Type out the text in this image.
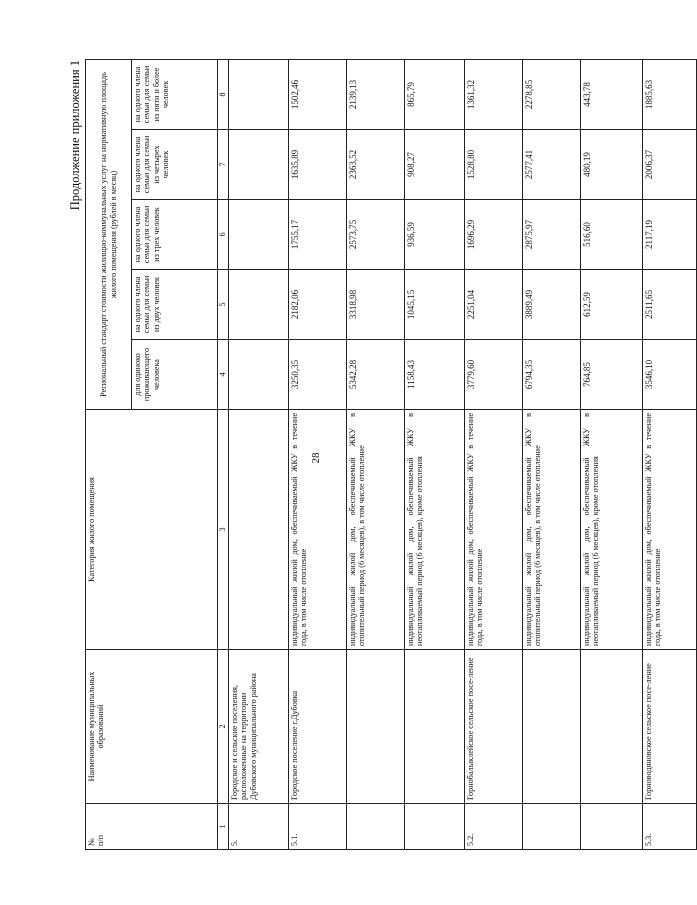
28
Продолжение приложения 1
№
п/п	Наименование муниципальных образований	Категория жилого помещения	Региональный стандарт стоимости жилищно-коммунальных услуг на нормативную площадь жилого помещения (рублей в месяц)				
			для одиноко проживающего человека	на одного члена семьи для семьи из двух человек	на одного члена семьи для семьи из трех человек	на одного члена семьи для семьи из четырех человек	на одного члена семьи для семьи из пяти и более человек
1	2	3	4	5	6	7	8
5.	Городское и сельские поселения, расположенные на территории Дубовского муниципального района						
5.1.	Городское поселение г.Дубовка	индивидуальный жилой дом, обеспечиваемый ЖКУ в течение года, в том числе отопление	3250,35	2182,06	1755,17	1635,89	1502,46
		индивидуальный жилой дом, обеспечиваемый ЖКУ в отопительный период (6 месяцев), в том числе отопление	5342,28	3318,98	2573,75	2363,52	2139,13
		индивидуальный жилой дом, обеспечиваемый ЖКУ в неотапливаемый период (6 месяцев), кроме отопления	1158,43	1045,15	936,59	908,27	865,79
5.2.	Горнобалыклейское сельское посе-ление	индивидуальный жилой дом, обеспечиваемый ЖКУ в течение года, в том числе отопление	3779,60	2251,04	1696,29	1528,80	1361,32
		индивидуальный жилой дом, обеспечиваемый ЖКУ в отопительный период (6 месяцев), в том числе отопление	6794,35	3889,49	2875,97	2577,41	2278,85
		индивидуальный жилой дом, обеспечиваемый ЖКУ в неотапливаемый период (6 месяцев), кроме отопления	764,85	612,59	516,60	480,19	443,78
5.3.	Горноводяновское сельское посе-ление	индивидуальный жилой дом, обеспечиваемый ЖКУ в течение года, в том числе отопление	3546,10	2511,65	2117,19	2006,37	1885,63
